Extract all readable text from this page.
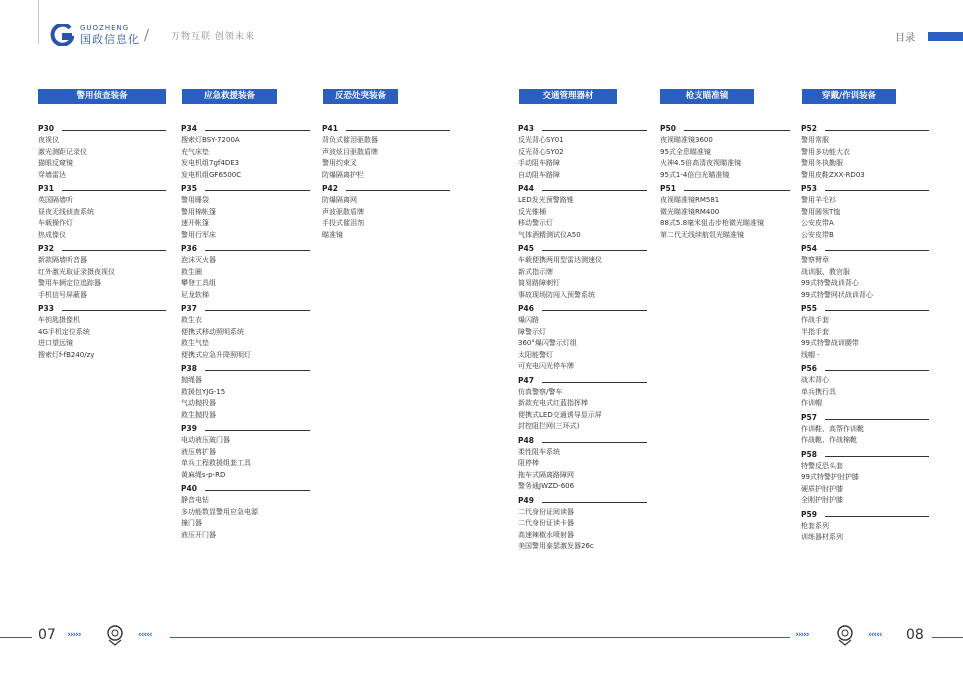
GUOZHENG
国政信息化 / 万物互联 创领未来	目录
警用侦查装备	应急救援装备	反恐处突装备	交通管理器材	枪支瞄准镜	穿戴/作训装备
P30
夜视仪
激光测距记录仪
猫眼反窥镜
穿墙雷达
P31
英国隔墙听
昼夜无线侦查系统
车载操作灯
热成像仪
P32
新款隔墙听音器
红外激光取证录摄夜视仪
警用车辆定位追踪器
手机信号屏蔽器
P33
车钥匙摄像机
4G手机定位系统
进口望远镜
搜索灯f-fB240/zy
P34
搜索灯BSY-7200A
充气床垫
发电机组7gf4DE3
发电机组GF6500C
P35
警用睡袋
警用棉帐篷
速开帐篷
警用行军床
P36
泡沫灭火器
救生圈
攀登工具组
尼龙软梯
P37
救生衣
便携式移动照明系统
救生气垫
便携式应急升降照明灯
P38
抛绳器
救援包YJG-15
气动抛投器
救生抛投器
P39
电动液压破门器
液压剪扩器
单兵工程救援组套工具
黄麻绳s-p-RD
P40
静音电钻
多功能数显警用应急电源
撞门器
液压开门器
P41
背负式催泪驱散器
声波炫目驱散盾牌
警用约束叉
防爆隔离护栏
P42
防爆隔离网
声波驱散盾牌
手投式催泪剂
瞄准镜
P43
反光背心SY01
反光背心SY02
手动阻车路障
自动阻车路障
P44
LED发光预警路锥
反光锥桶
移动警示灯
气体酒精测试仪A50
P45
车载便携两用型雷达测速仪
新式指示牌
简易路障刺钉
事故现场防闯入预警系统
P46
爆闪路
障警示灯
360°爆闪警示灯组
太阳能警灯
可充电闪光停车牌
P47
仿真警察/警车
新款充电式红蓝指挥棒
便携式LED交通诱导显示屏
封控阻拦网(三环式)
P48
柔性阻车系统
阻停棒
拖车式隔离路障网
警务通JWZD-606
P49
二代身份证阅读器
二代身份证读卡器
高速辣椒水喷射器
美国警用泰瑟激发器26c
P50
夜视瞄准镜3600
95式全息瞄准镜
火神4.5倍高清夜视瞄准镜
95式1-4倍白光瞄准镜
P51
夜视瞄准镜RM581
微光瞄准镜RM400
88式5.8毫米狙击步枪微光瞄准镜
第二代无线续航氚光瞄准镜
P52
警用常服
警用多功能大衣
警用冬执勤服
警用皮鞋ZXX-RD03
P53
警用羊毛衫
警用圆领T恤
公安皮带A
公安皮带B
P54
警察臂章
战训服、教官服
99式特警战训背心
99式特警网状战训背心
P55
作战手套
半指手套
99式特警战训腰带
线帽 -
P56
战术背心
单兵携行具
作训帽
P57
作训鞋、高帮作训靴
作战靴、作战棉靴
P58
特警反恐头套
99式特警护肘护膝
硬质护肘护膝
全刚护肘护膝
P59
枪套系列
训练器材系列
07 ›››››	‹‹‹‹‹	›››››	‹‹‹‹‹ 08
